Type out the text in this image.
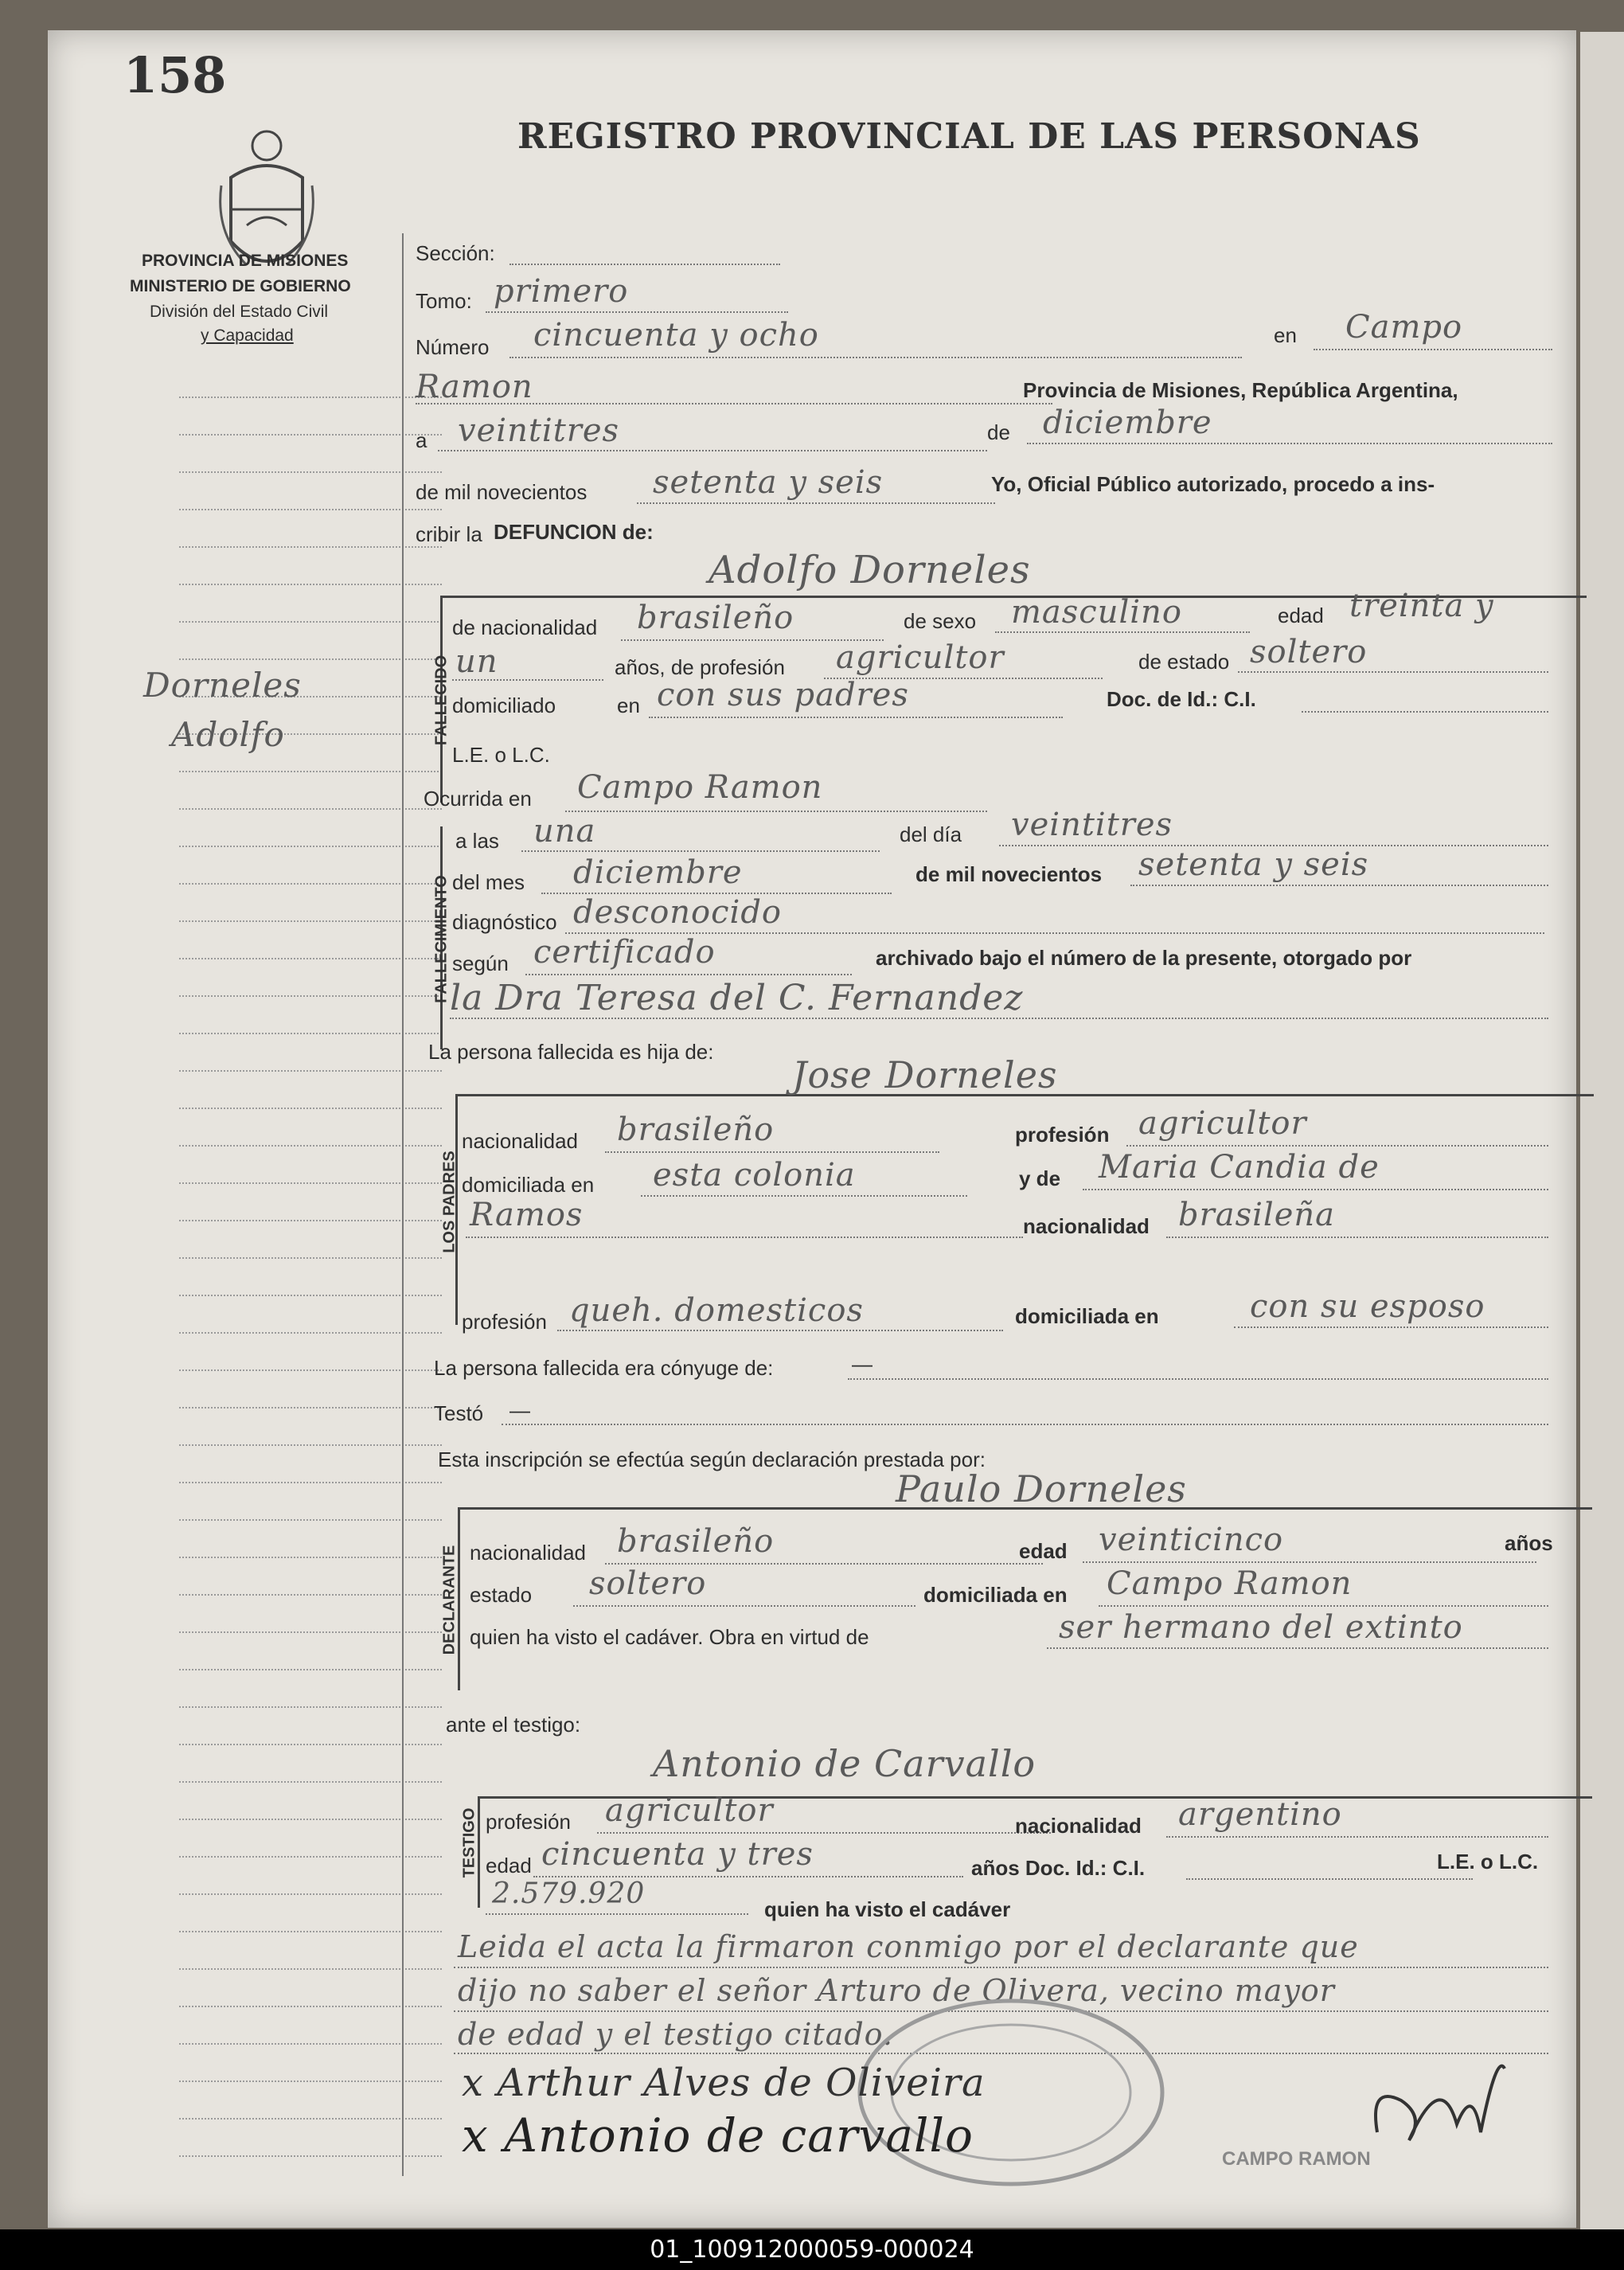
158
PROVINCIA DE MISIONES
MINISTERIO DE GOBIERNO
División del Estado Civil
y Capacidad
REGISTRO PROVINCIAL DE LAS PERSONAS
Dorneles
Adolfo
Sección:
Tomo: primero
Número cincuenta y ocho	en Campo
Ramon	Provincia de Misiones, República Argentina,
a veintitres	de diciembre
de mil novecientos setenta y seis	Yo, Oficial Público autorizado, procedo a ins-
cribir la DEFUNCION de:
FALLECIDO
Adolfo Dorneles
de nacionalidad brasileño	de sexo masculino	edad treinta y
un	años, de profesión agricultor	de estado soltero
domiciliado	en con sus padres	Doc. de Id.: C.I.
L.E. o L.C.
Ocurrida en Campo Ramon
FALLECIMIENTO
a las una	del día veintitres
del mes diciembre	de mil novecientos setenta y seis
diagnóstico desconocido
según certificado	archivado bajo el número de la presente, otorgado por
la Dra Teresa del C. Fernandez
La persona fallecida es hija de:
LOS PADRES
Jose Dorneles
nacionalidad brasileño	profesión agricultor
domiciliada en esta colonia	y de Maria Candia de
Ramos	nacionalidad brasileña
profesión queh. domesticos	domiciliada en	con su esposo
La persona fallecida era cónyuge de:	—
Testó —
Esta inscripción se efectúa según declaración prestada por:
DECLARANTE
Paulo Dorneles
nacionalidad brasileño	edad veinticinco	años
estado soltero	domiciliada en Campo Ramon
quien ha visto el cadáver. Obra en virtud de	ser hermano del extinto
ante el testigo:
TESTIGO
Antonio de Carvallo
profesión agricultor	nacionalidad argentino
edad cincuenta y tres	años Doc. Id.: C.I.	L.E. o L.C.
2.579.920	quien ha visto el cadáver
Leida el acta la firmaron conmigo por el declarante que
dijo no saber el señor Arturo de Olivera, vecino mayor
de edad y el testigo citado.
x Arthur Alves de Oliveira
x Antonio de carvallo	CAMPO RAMON
01_100912000059-000024
